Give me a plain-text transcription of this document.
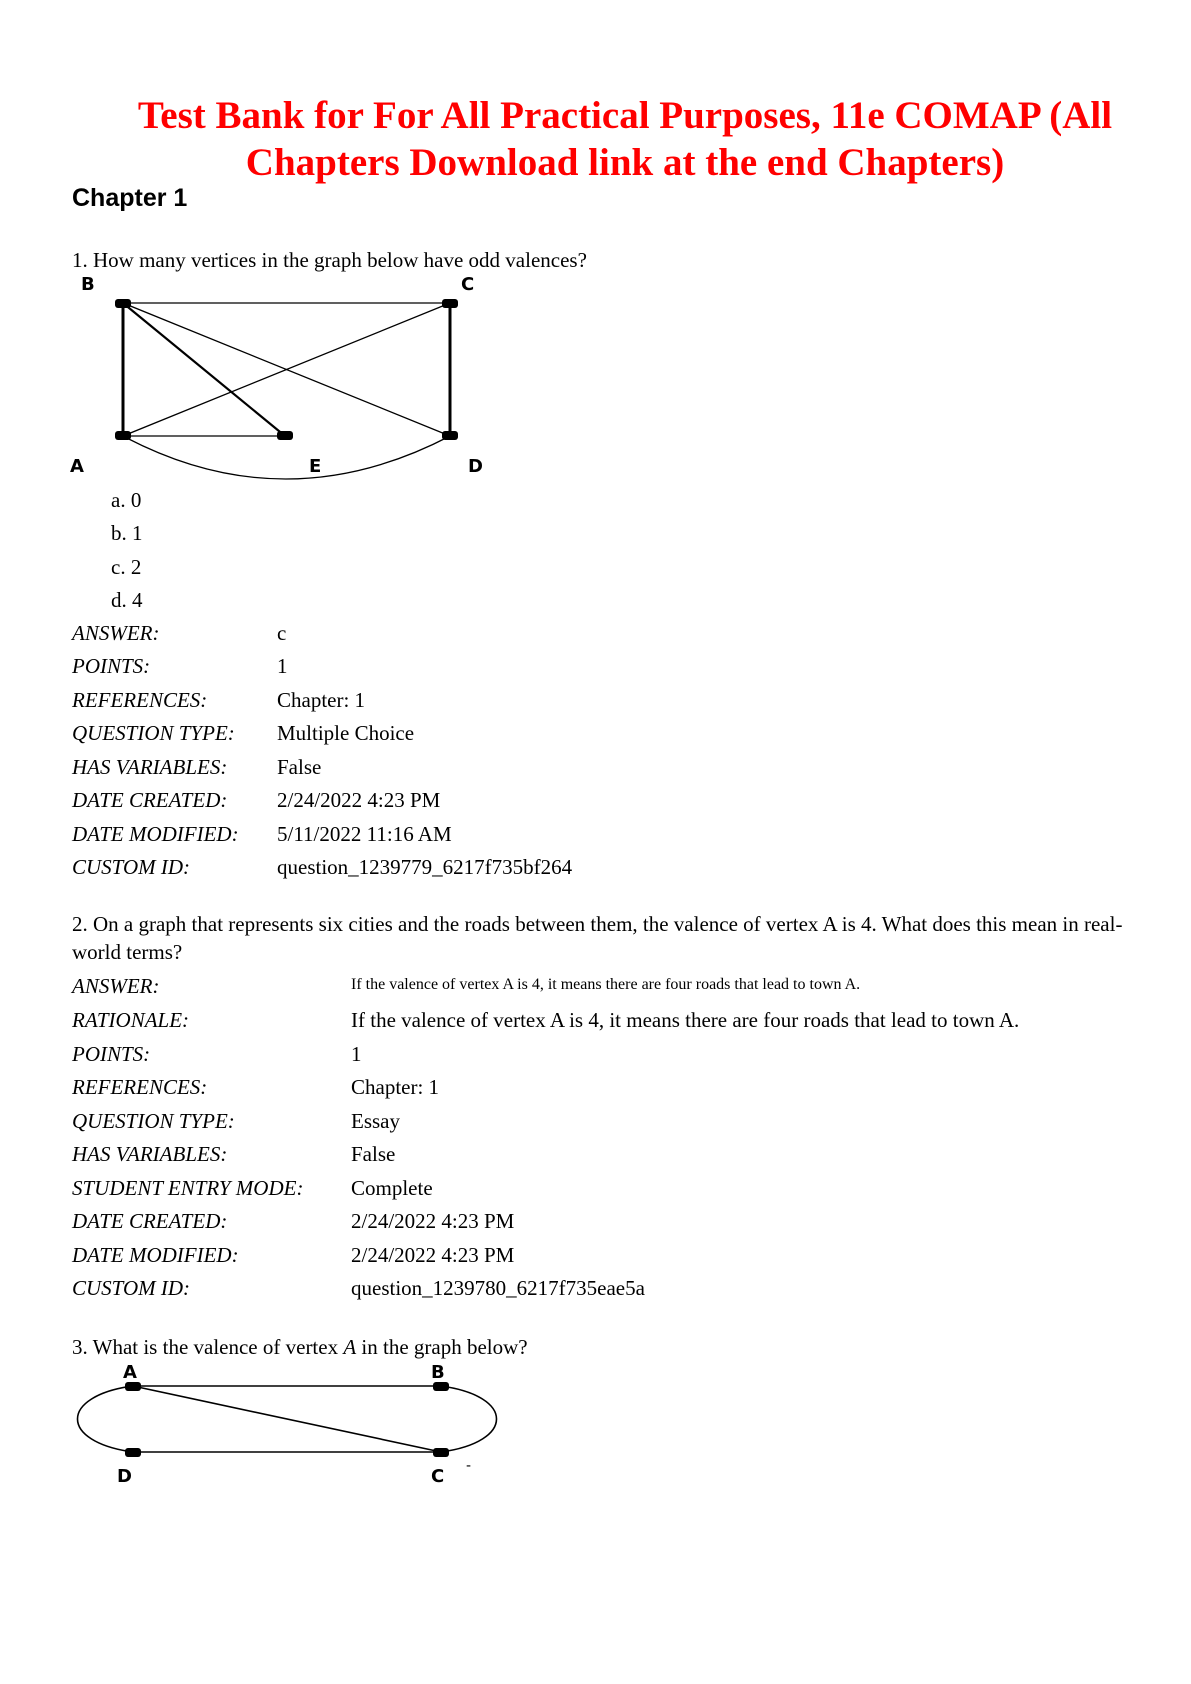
Test Bank for For All Practical Purposes, 11e COMAP (All Chapters Download link at the end Chapters)
Chapter 1

1. How many vertices in the graph below have odd valences?

B	C
A	E	D
a. 0
b. 1
c. 2
d. 4
ANSWER:	c
POINTS:	1
REFERENCES:	Chapter: 1
QUESTION TYPE: Multiple Choice
HAS VARIABLES: False
DATE CREATED: 2/24/2022 4:23 PM
DATE MODIFIED: 5/11/2022 11:16 AM
CUSTOM ID:	question_1239779_6217f735bf264

2. On a graph that represents six cities and the roads between them, the valence of vertex A is 4. What does this mean in real-world terms?

ANSWER:	If the valence of vertex A is 4, it means there are four roads that lead to town A.
RATIONALE:	If the valence of vertex A is 4, it means there are four roads that lead to town A.
POINTS:	1
REFERENCES:	Chapter: 1
QUESTION TYPE:	Essay
HAS VARIABLES:	False
STUDENT ENTRY MODE: Complete
DATE CREATED:	2/24/2022 4:23 PM
DATE MODIFIED:	2/24/2022 4:23 PM
CUSTOM ID:	question_1239780_6217f735eae5a

3. What is the valence of vertex A in the graph below?

A	B
D	C -
